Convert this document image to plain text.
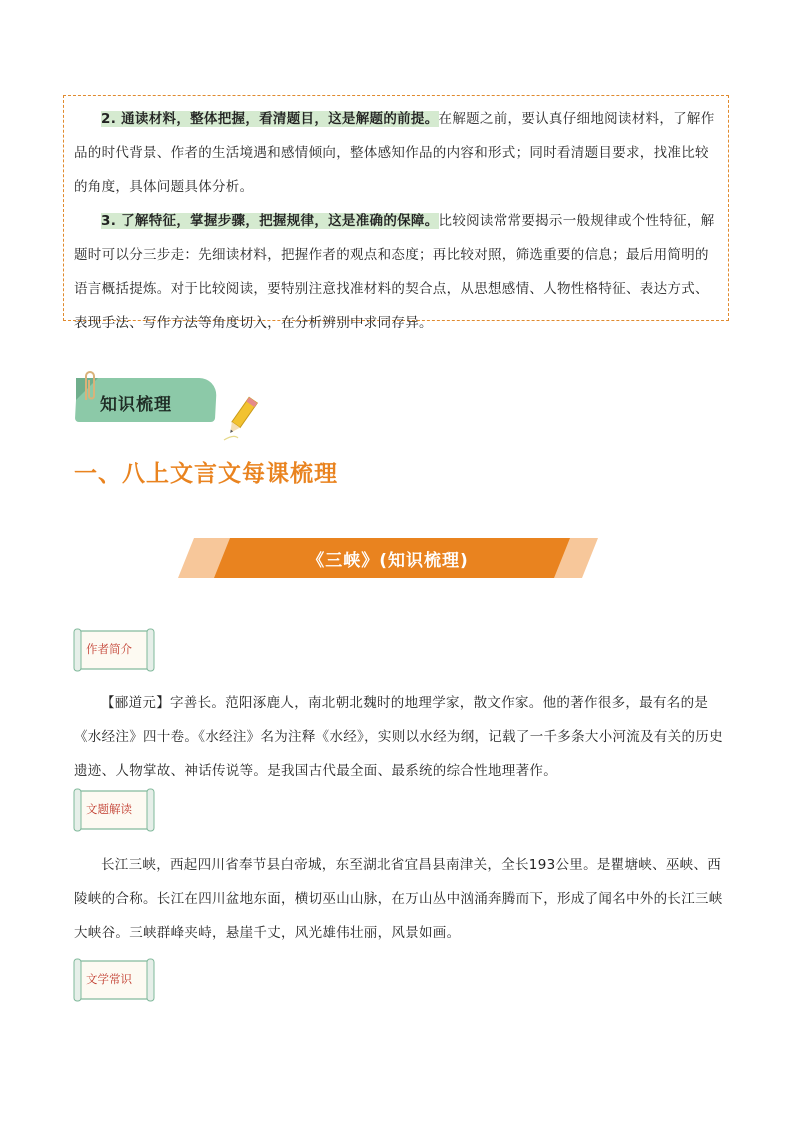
2. 通读材料，整体把握，看清题目，这是解题的前提。在解题之前，要认真仔细地阅读材料，了解作品的时代背景、作者的生活境遇和感情倾向，整体感知作品的内容和形式；同时看清题目要求，找准比较的角度，具体问题具体分析。

3. 了解特征，掌握步骤，把握规律，这是准确的保障。比较阅读常常要揭示一般规律或个性特征，解题时可以分三步走：先细读材料，把握作者的观点和态度；再比较对照，筛选重要的信息；最后用简明的语言概括提炼。对于比较阅读，要特别注意找准材料的契合点，从思想感情、人物性格特征、表达方式、表现手法、写作方法等角度切入，在分析辨别中求同存异。

知识梳理
一、八上文言文每课梳理
《三峡》(知识梳理)
作者简介

【郦道元】字善长。范阳涿鹿人，南北朝北魏时的地理学家，散文作家。他的著作很多，最有名的是《水经注》四十卷。《水经注》名为注释《水经》，实则以水经为纲，记载了一千多条大小河流及有关的历史遗迹、人物掌故、神话传说等。是我国古代最全面、最系统的综合性地理著作。

文题解读

长江三峡，西起四川省奉节县白帝城，东至湖北省宜昌县南津关，全长193公里。是瞿塘峡、巫峡、西陵峡的合称。长江在四川盆地东面，横切巫山山脉，在万山丛中汹涌奔腾而下，形成了闻名中外的长江三峡大峡谷。三峡群峰夹峙，悬崖千丈，风光雄伟壮丽，风景如画。

文学常识
